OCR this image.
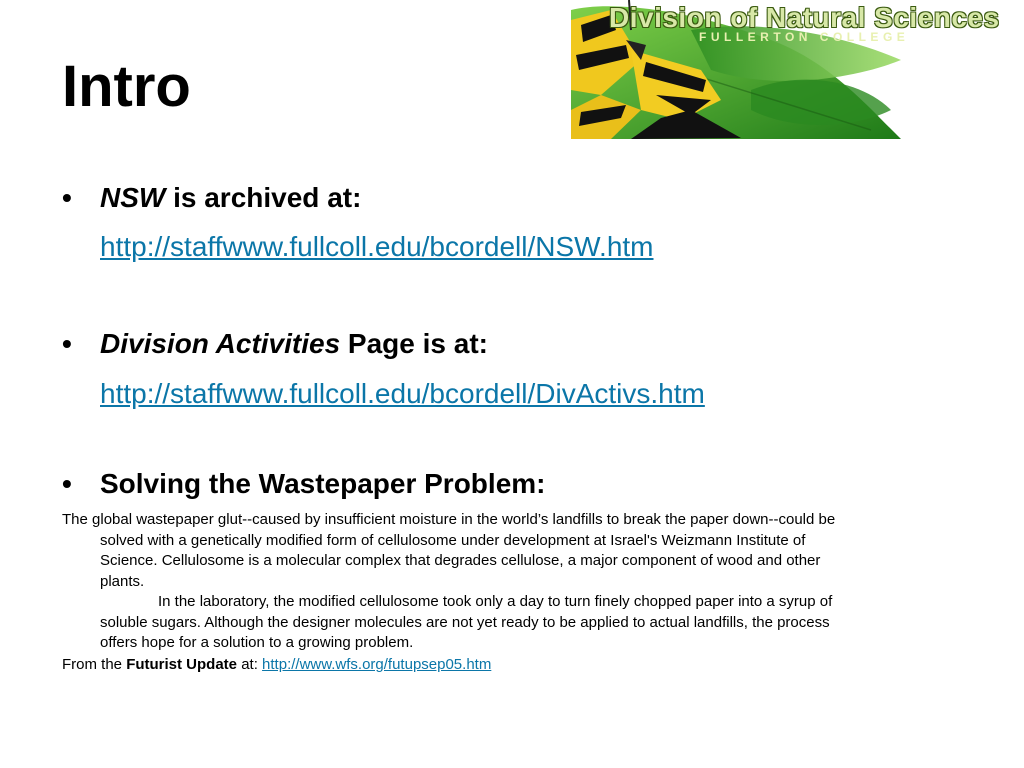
Intro
Division of Natural Sciences
FULLERTON COLLEGE
• NSW is archived at:
http://staffwww.fullcoll.edu/bcordell/NSW.htm
• Division Activities Page is at:
http://staffwww.fullcoll.edu/bcordell/DivActivs.htm
• Solving the Wastepaper Problem:
The global wastepaper glut--caused by insufficient moisture in the world’s landfills to break the paper down--could be
solved with a genetically modified form of cellulosome under development at Israel's Weizmann Institute of
Science. Cellulosome is a molecular complex that degrades cellulose, a major component of wood and other
plants.
In the laboratory, the modified cellulosome took only a day to turn finely chopped paper into a syrup of
soluble sugars. Although the designer molecules are not yet ready to be applied to actual landfills, the process
offers hope for a solution to a growing problem.
From the Futurist Update at: http://www.wfs.org/futupsep05.htm
